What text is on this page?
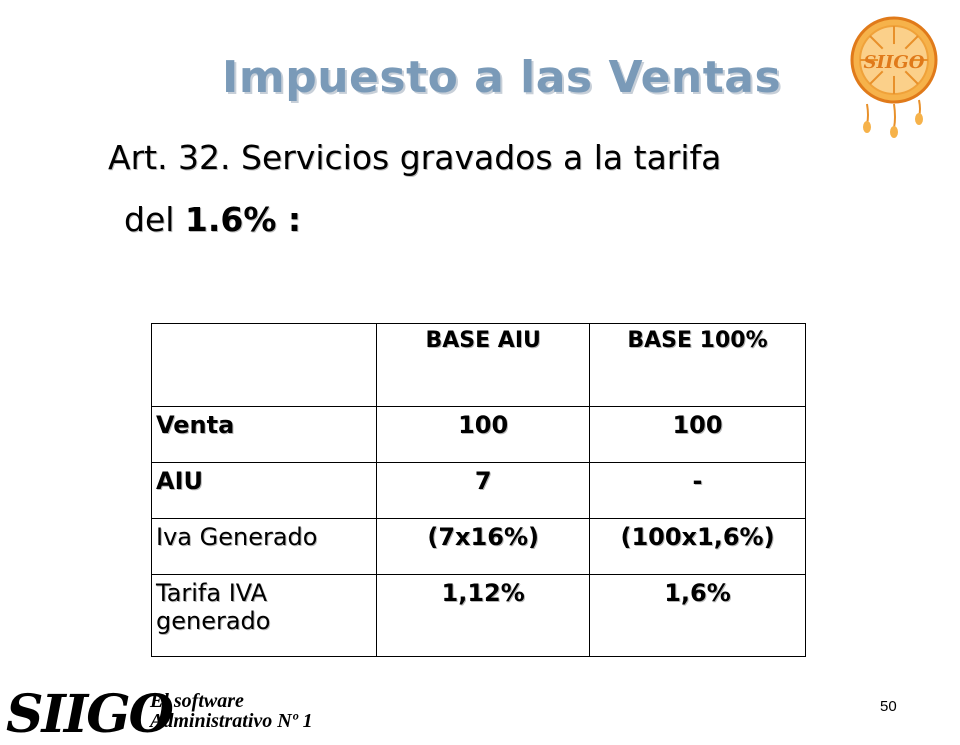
Impuesto a las Ventas
Art. 32. Servicios gravados a la tarifa
del 1.6% :
SIIGO
	BASE AIU	BASE 100%
Venta	100	100
AIU	7	-
Iva Generado	(7x16%)	(100x1,6%)
Tarifa IVA generado	1,12%	1,6%
SIIGO
El software
Administrativo Nº 1
50
